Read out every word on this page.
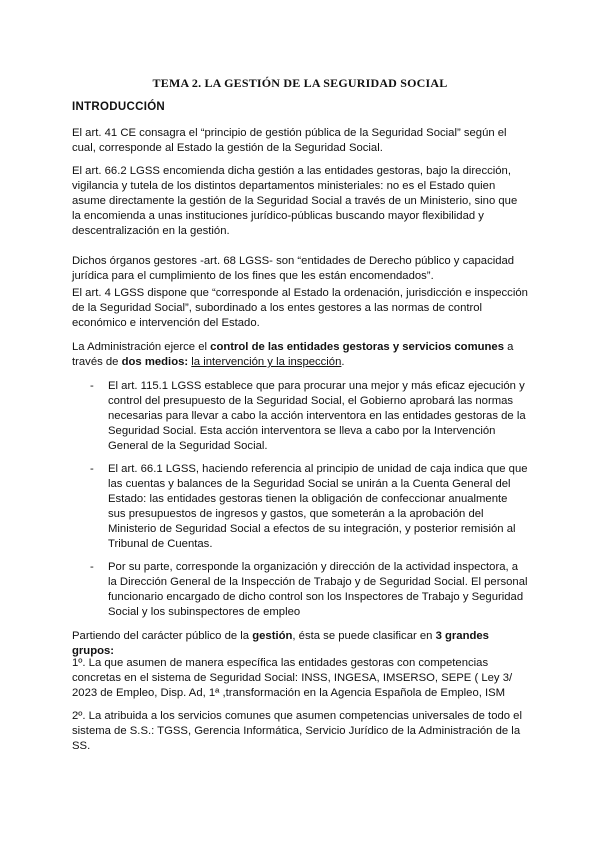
TEMA 2. LA GESTIÓN DE LA SEGURIDAD SOCIAL
INTRODUCCIÓN

El art. 41 CE consagra el “principio de gestión pública de la Seguridad Social” según el cual, corresponde al Estado la gestión de la Seguridad Social.

El art. 66.2 LGSS encomienda dicha gestión a las entidades gestoras, bajo la dirección, vigilancia y tutela de los distintos departamentos ministeriales: no es el Estado quien asume directamente la gestión de la Seguridad Social a través de un Ministerio, sino que la encomienda a unas instituciones jurídico-públicas buscando mayor flexibilidad y descentralización en la gestión.

Dichos órganos gestores -art. 68 LGSS- son “entidades de Derecho público y capacidad jurídica para el cumplimiento de los fines que les están encomendados”.

El art. 4 LGSS dispone que “corresponde al Estado la ordenación, jurisdicción e inspección de la Seguridad Social”, subordinado a los entes gestores a las normas de control económico e intervención del Estado.

La Administración ejerce el control de las entidades gestoras y servicios comunes a través de dos medios: la intervención y la inspección.

- El art. 115.1 LGSS establece que para procurar una mejor y más eficaz ejecución y control del presupuesto de la Seguridad Social, el Gobierno aprobará las normas necesarias para llevar a cabo la acción interventora en las entidades gestoras de la Seguridad Social. Esta acción interventora se lleva a cabo por la Intervención General de la Seguridad Social.

- El art. 66.1 LGSS, haciendo referencia al principio de unidad de caja indica que que las cuentas y balances de la Seguridad Social se unirán a la Cuenta General del Estado: las entidades gestoras tienen la obligación de confeccionar anualmente sus presupuestos de ingresos y gastos, que someterán a la aprobación del Ministerio de Seguridad Social a efectos de su integración, y posterior remisión al Tribunal de Cuentas.

- Por su parte, corresponde la organización y dirección de la actividad inspectora, a la Dirección General de la Inspección de Trabajo y de Seguridad Social. El personal funcionario encargado de dicho control son los Inspectores de Trabajo y Seguridad Social y los subinspectores de empleo

Partiendo del carácter público de la gestión, ésta se puede clasificar en 3 grandes grupos:

1º. La que asumen de manera específica las entidades gestoras con competencias concretas en el sistema de Seguridad Social: INSS, INGESA, IMSERSO, SEPE ( Ley 3/ 2023 de Empleo, Disp. Ad, 1ª ,transformación en la Agencia Española de Empleo, ISM

2º. La atribuida a los servicios comunes que asumen competencias universales de todo el sistema de S.S.: TGSS, Gerencia Informática, Servicio Jurídico de la Administración de la SS.
